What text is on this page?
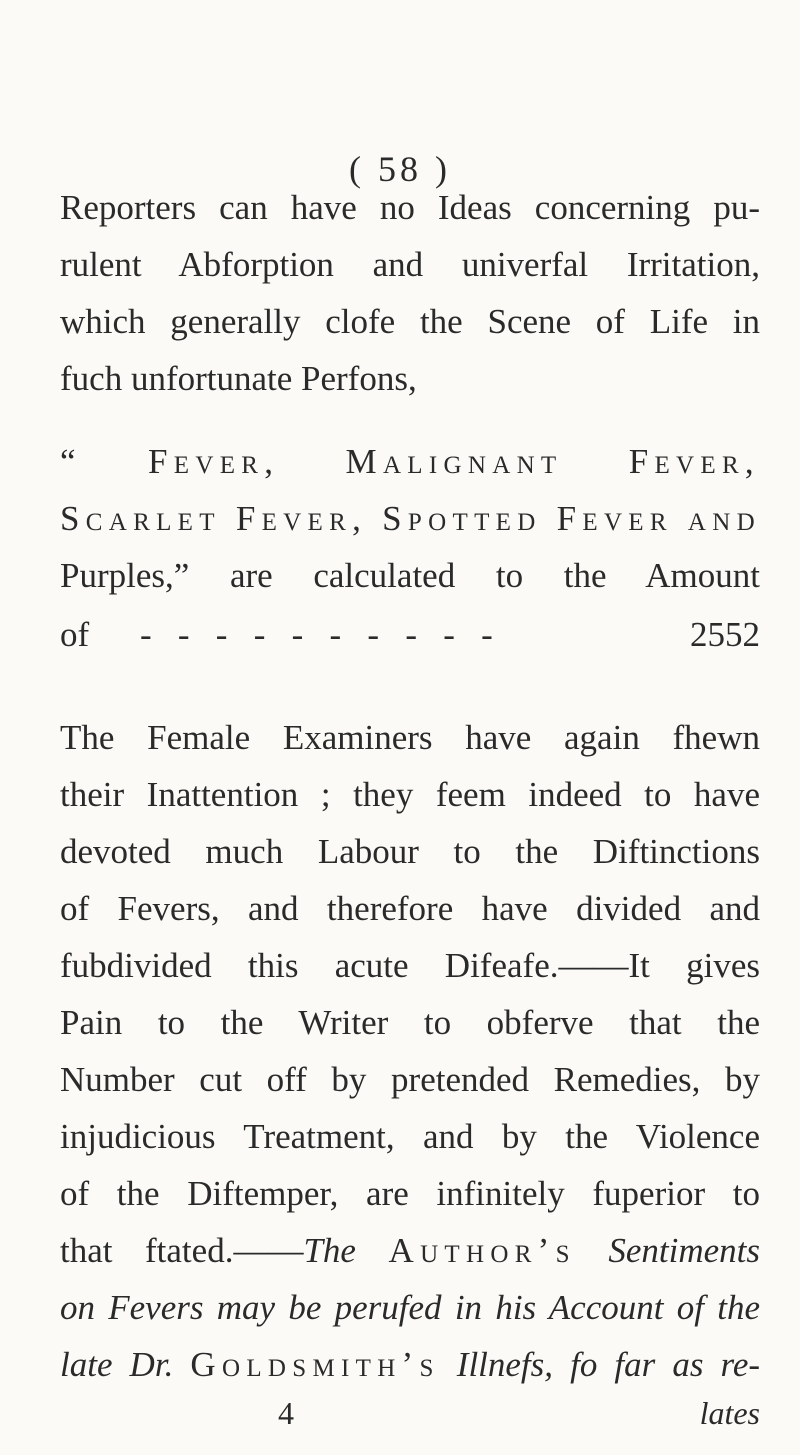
( 58 )
Reporters can have no Ideas concerning pu-
rulent Abforption and univerfal Irritation,
which generally clofe the Scene of Life in
fuch unfortunate Perfons,
“ Fever, Malignant Fever,
Scarlet Fever, Spotted Fever and
Purples,” are calculated to the Amount
of - - - - - - - - - -	2552
The Female Examiners have again fhewn
their Inattention ; they feem indeed to have
devoted much Labour to the Diftinctions
of Fevers, and therefore have divided and
fubdivided this acute Difeafe.——It gives
Pain to the Writer to obferve that the
Number cut off by pretended Remedies, by
injudicious Treatment, and by the Violence
of the Diftemper, are infinitely fuperior to
that ftated.——The Author’s Sentiments
on Fevers may be perufed in his Account of the
late Dr. Goldsmith’s Illnefs, fo far as re-
4	lates
